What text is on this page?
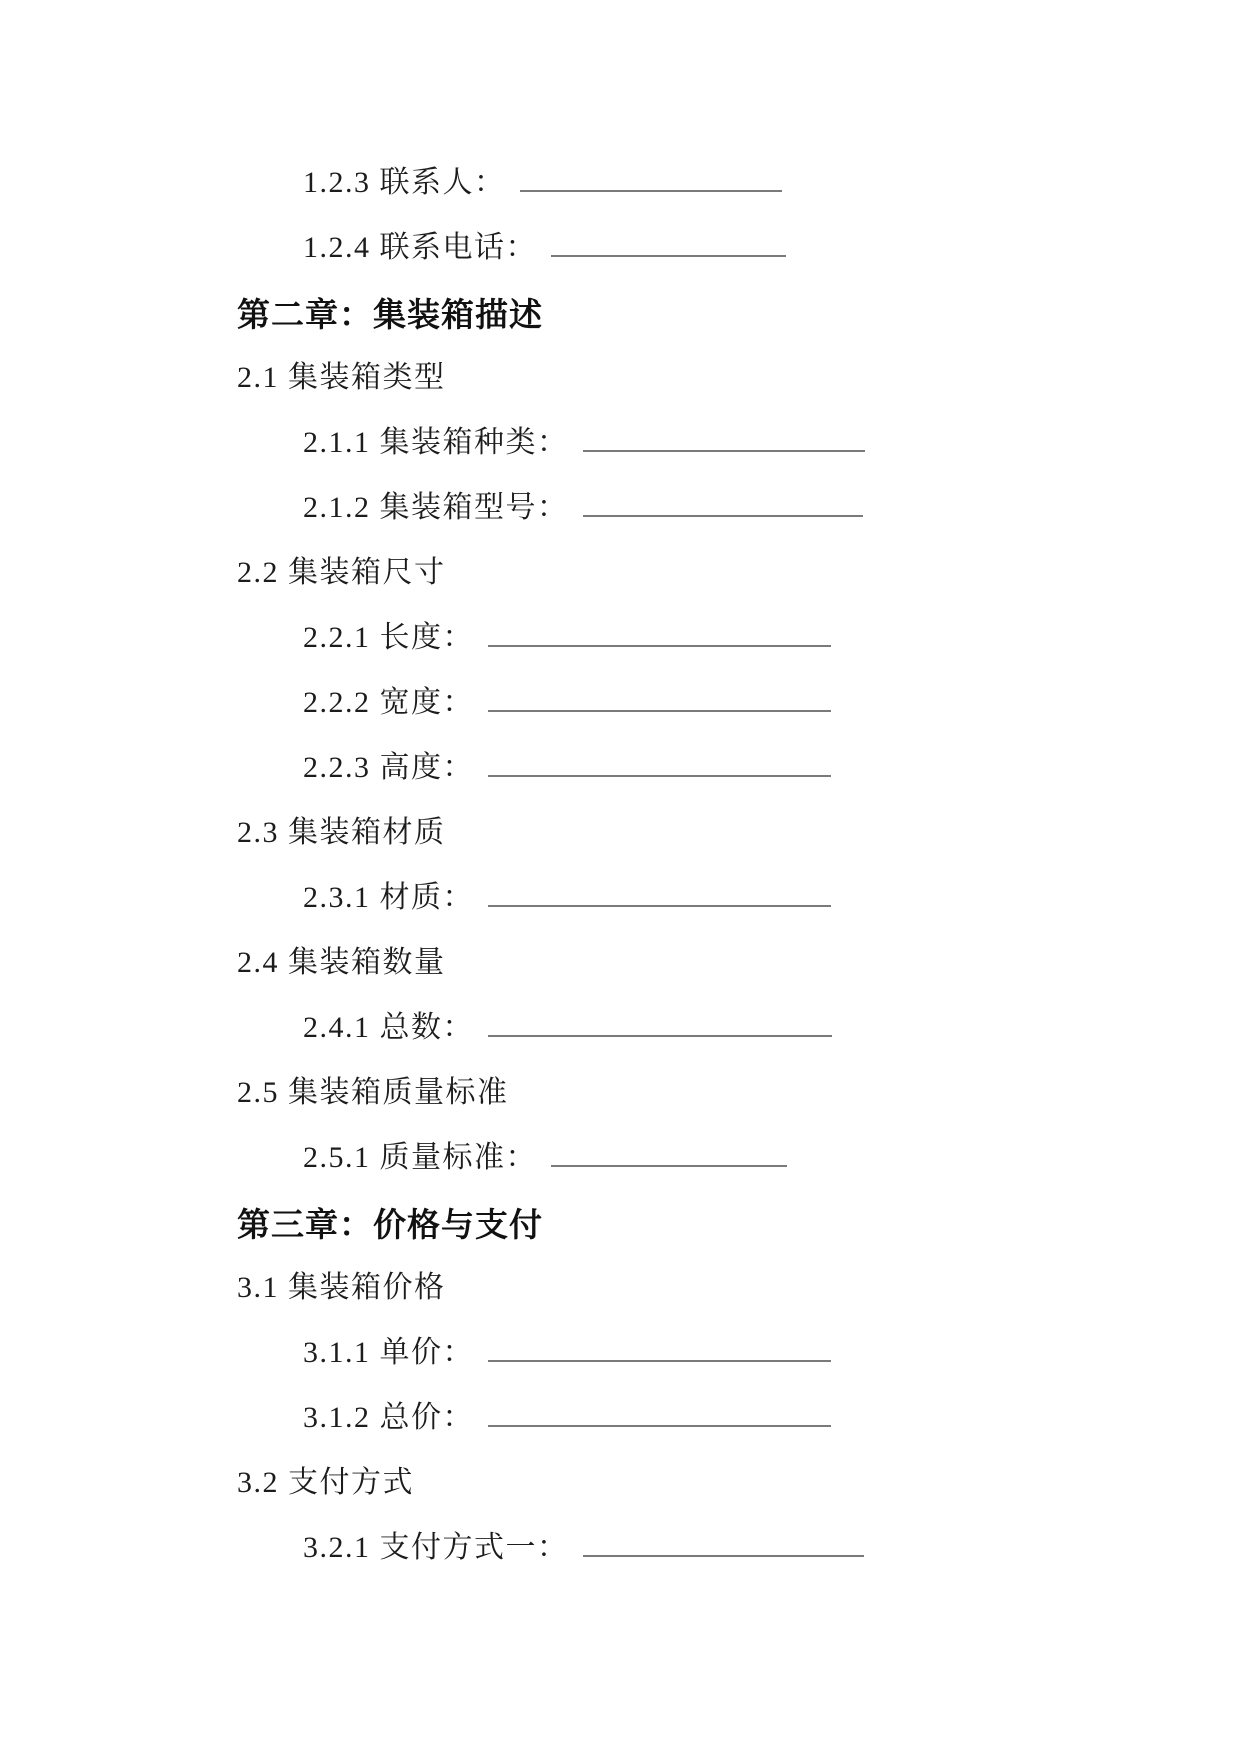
1.2.3 联系人：
1.2.4 联系电话：
第二章：集装箱描述
2.1 集装箱类型
2.1.1 集装箱种类：
2.1.2 集装箱型号：
2.2 集装箱尺寸
2.2.1 长度：
2.2.2 宽度：
2.2.3 高度：
2.3 集装箱材质
2.3.1 材质：
2.4 集装箱数量
2.4.1 总数：
2.5 集装箱质量标准
2.5.1 质量标准：
第三章：价格与支付
3.1 集装箱价格
3.1.1 单价：
3.1.2 总价：
3.2 支付方式
3.2.1 支付方式一：
